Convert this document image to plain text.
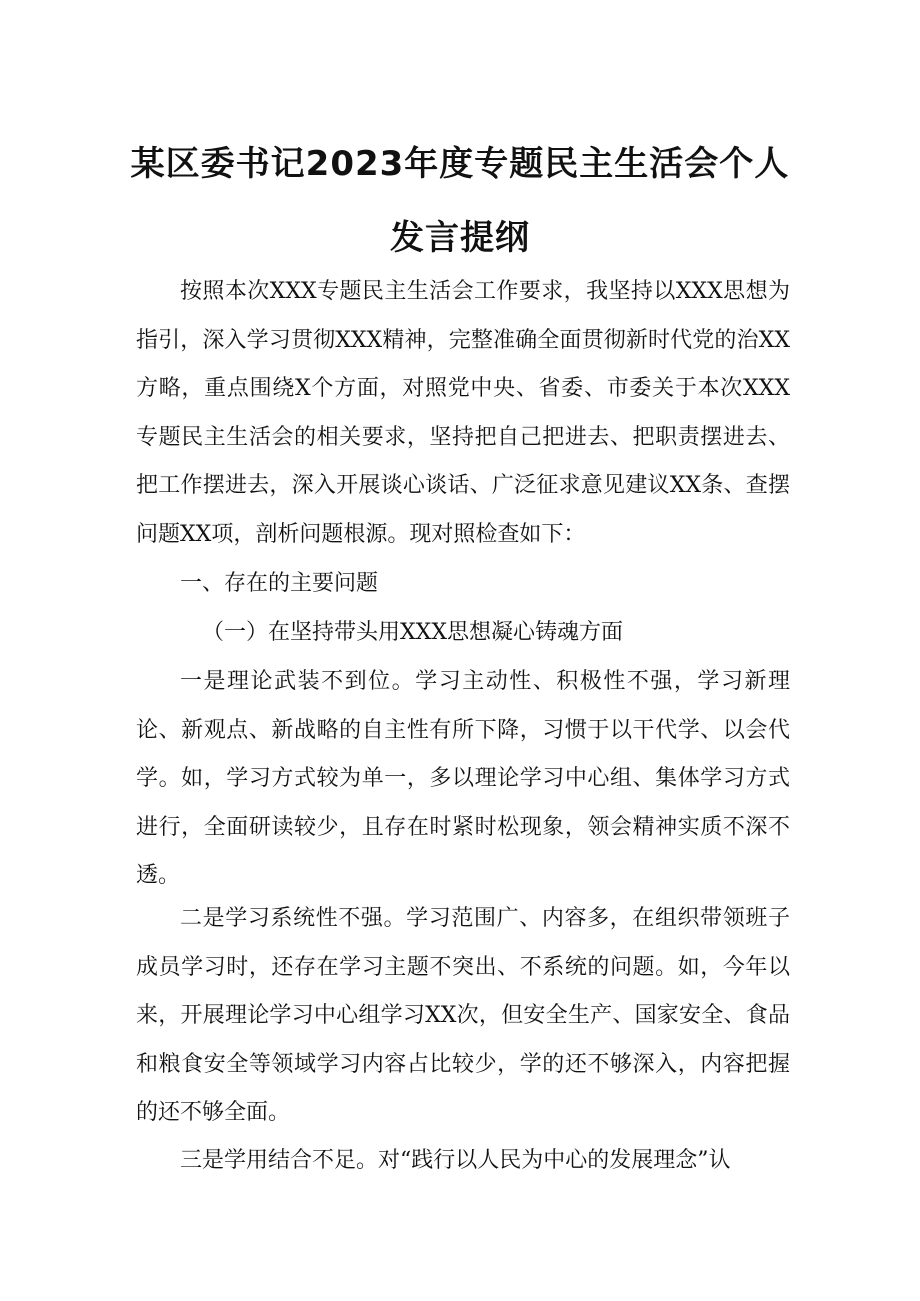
某区委书记2023年度专题民主生活会个人
发言提纲

按照本次XXX专题民主生活会工作要求，我坚持以XXX思想为指引，深入学习贯彻XXX精神，完整准确全面贯彻新时代党的治XX方略，重点围绕X个方面，对照党中央、省委、市委关于本次XXX专题民主生活会的相关要求，坚持把自己把进去、把职责摆进去、把工作摆进去，深入开展谈心谈话、广泛征求意见建议XX条、查摆问题XX项，剖析问题根源。现对照检查如下：

一、存在的主要问题

（一）在坚持带头用XXX思想凝心铸魂方面

一是理论武装不到位。学习主动性、积极性不强，学习新理论、新观点、新战略的自主性有所下降，习惯于以干代学、以会代学。如，学习方式较为单一，多以理论学习中心组、集体学习方式进行，全面研读较少，且存在时紧时松现象，领会精神实质不深不透。

二是学习系统性不强。学习范围广、内容多，在组织带领班子成员学习时，还存在学习主题不突出、不系统的问题。如，今年以来，开展理论学习中心组学习XX次，但安全生产、国家安全、食品和粮食安全等领域学习内容占比较少，学的还不够深入，内容把握的还不够全面。

三是学用结合不足。对“践行以人民为中心的发展理念”认
